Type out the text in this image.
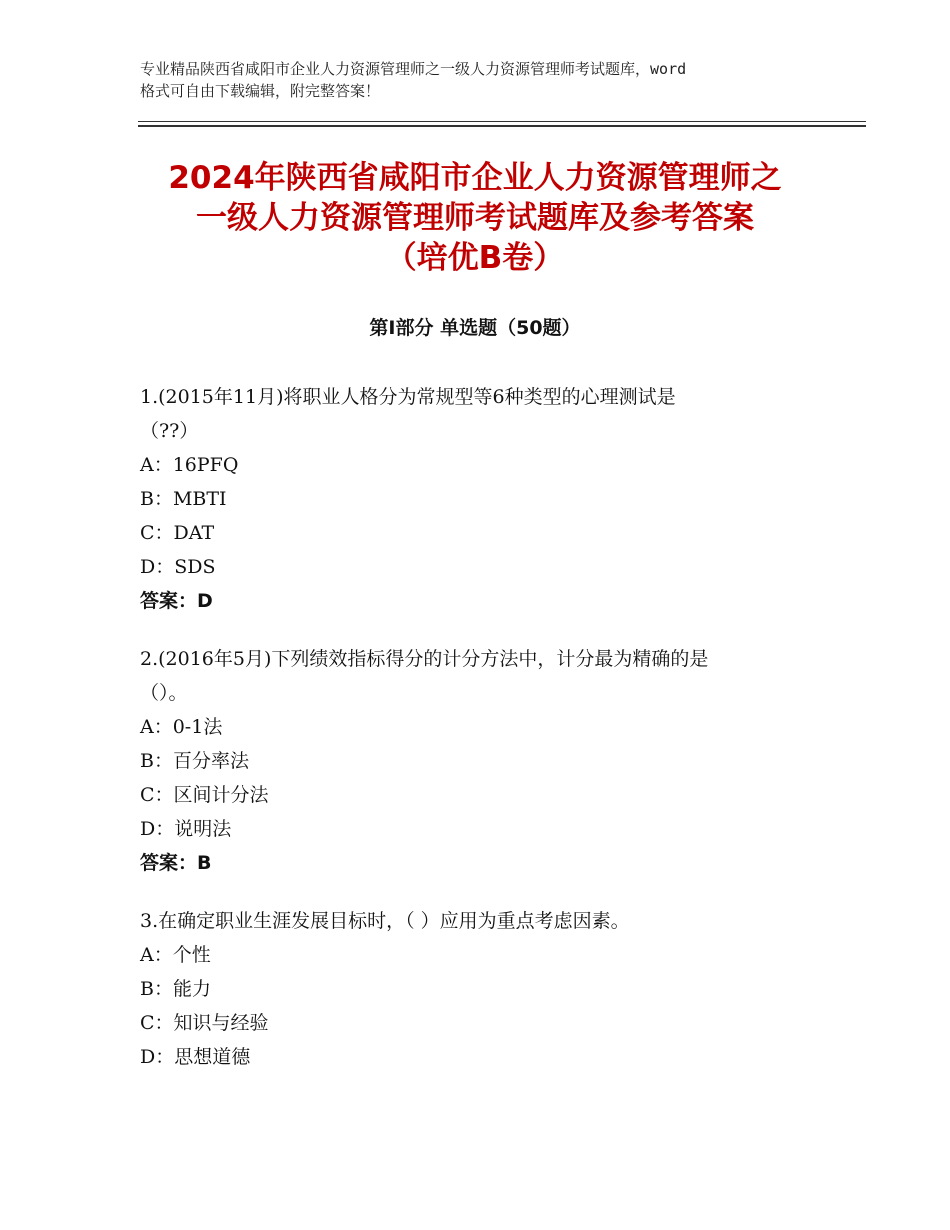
专业精品陕西省咸阳市企业人力资源管理师之一级人力资源管理师考试题库，word
格式可自由下载编辑，附完整答案！
2024年陕西省咸阳市企业人力资源管理师之
一级人力资源管理师考试题库及参考答案
（培优B卷）
第Ⅰ部分 单选题（50题）
1.(2015年11月)将职业人格分为常规型等6种类型的心理测试是
（??）
A：16PFQ
B：MBTI
C：DAT
D：SDS
答案：D
2.(2016年5月)下列绩效指标得分的计分方法中，计分最为精确的是
（）。
A：0-1法
B：百分率法
C：区间计分法
D：说明法
答案：B
3.在确定职业生涯发展目标时，（ ）应用为重点考虑因素。
A：个性
B：能力
C：知识与经验
D：思想道德
